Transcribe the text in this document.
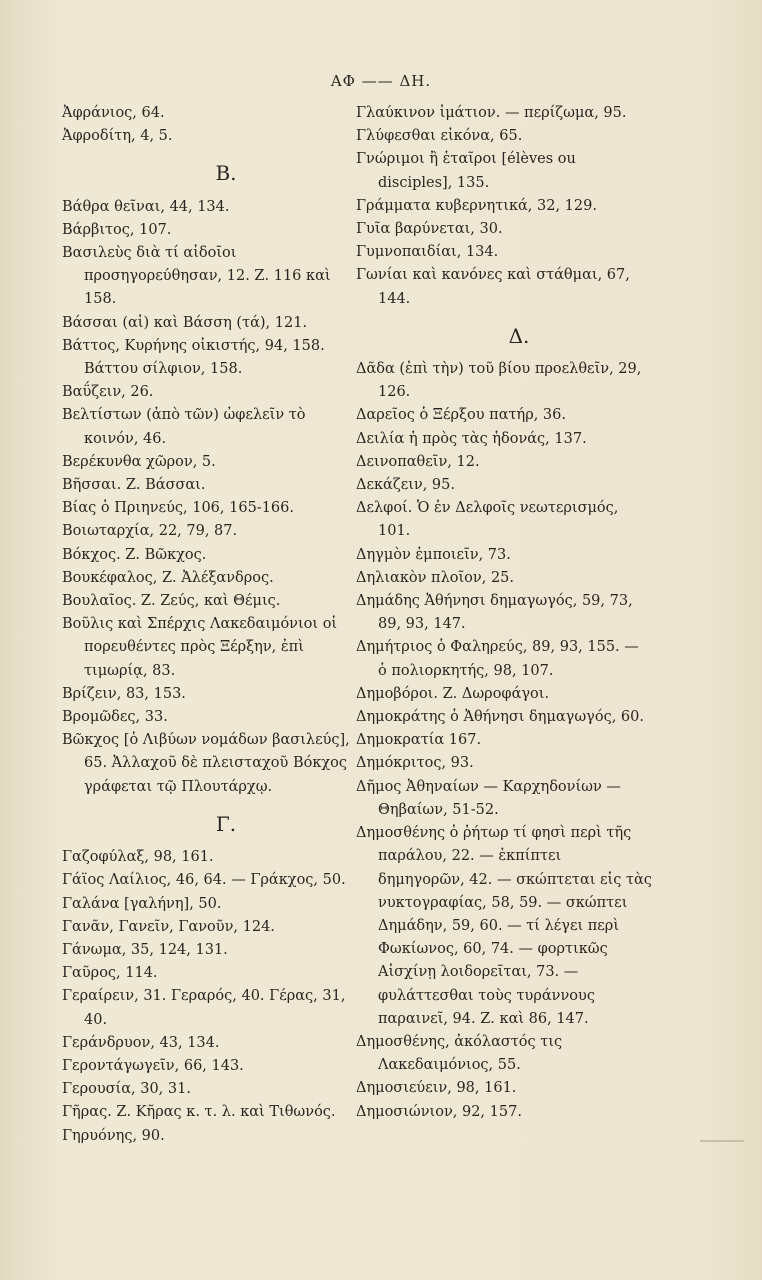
ΑΦ —— ΔΗ.
Ἀφράνιος, 64.
Ἀφροδίτη, 4, 5.
Β.
Βάθρα θεῖναι, 44, 134.
Βάρβιτος, 107.
Βασιλεὺς διὰ τί αἰδοῖοι προσηγορεύθησαν, 12. Ζ. 116 καὶ 158.
Βάσσαι (αἱ) καὶ Βάσση (τά), 121.
Βάττος, Κυρήνης οἰκιστής, 94, 158. Βάττου σίλφιον, 158.
Βαΰζειν, 26.
Βελτίστων (ἀπὸ τῶν) ὠφελεῖν τὸ κοινόν, 46.
Βερέκυνθα χῶρον, 5.
Βῆσσαι. Ζ. Βάσσαι.
Βίας ὁ Πριηνεύς, 106, 165-166.
Βοιωταρχία, 22, 79, 87.
Βόκχος. Ζ. Βῶκχος.
Βουκέφαλος, Ζ. Ἀλέξανδρος.
Βουλαῖος. Ζ. Ζεύς, καὶ Θέμις.
Βοῦλις καὶ Σπέρχις Λακεδαιμόνιοι οἱ πορευθέντες πρὸς Ξέρξην, ἐπὶ τιμωρίᾳ, 83.
Βρίζειν, 83, 153.
Βρομῶδες, 33.
Βῶκχος [ὁ Λιβύων νομάδων βασιλεύς], 65. Ἀλλαχοῦ δὲ πλεισταχοῦ Βόκχος γράφεται τῷ Πλουτάρχῳ.
Γ.
Γαζοφύλαξ, 98, 161.
Γάϊος Λαίλιος, 46, 64. — Γράκχος, 50.
Γαλάνα [γαλήνη], 50.
Γανᾶν, Γανεῖν, Γανοῦν, 124.
Γάνωμα, 35, 124, 131.
Γαῦρος, 114.
Γεραίρειν, 31. Γεραρός, 40. Γέρας, 31, 40.
Γεράνδρυον, 43, 134.
Γεροντάγωγεῖν, 66, 143.
Γερουσία, 30, 31.
Γῆρας. Ζ. Κῆρας κ. τ. λ. καὶ Τιθωνός.
Γηρυόνης, 90.
Γλαύκινον ἱμάτιον. — περίζωμα, 95.
Γλύφεσθαι εἰκόνα, 65.
Γνώριμοι ἢ ἑταῖροι [élèves ou disciples], 135.
Γράμματα κυβερνητικά, 32, 129.
Γυῖα βαρύνεται, 30.
Γυμνοπαιδίαι, 134.
Γωνίαι καὶ κανόνες καὶ στάθμαι, 67, 144.
Δ.
Δᾶδα (ἐπὶ τὴν) τοῦ βίου προελθεῖν, 29, 126.
Δαρεῖος ὁ Ξέρξου πατήρ, 36.
Δειλία ἡ πρὸς τὰς ἡδονάς, 137.
Δεινοπαθεῖν, 12.
Δεκάζειν, 95.
Δελφοί. Ὁ ἐν Δελφοῖς νεωτερισμός, 101.
Δηγμὸν ἐμποιεῖν, 73.
Δηλιακὸν πλοῖον, 25.
Δημάδης Ἀθήνησι δημαγωγός, 59, 73, 89, 93, 147.
Δημήτριος ὁ Φαληρεύς, 89, 93, 155. — ὁ πολιορκητής, 98, 107.
Δημοβόροι. Ζ. Δωροφάγοι.
Δημοκράτης ὁ Ἀθήνησι δημαγωγός, 60.
Δημοκρατία 167.
Δημόκριτος, 93.
Δῆμος Ἀθηναίων — Καρχηδονίων — Θηβαίων, 51-52.
Δημοσθένης ὁ ῥήτωρ τί φησὶ περὶ τῆς παράλου, 22. — ἐκπίπτει δημηγορῶν, 42. — σκώπτεται εἰς τὰς νυκτογραφίας, 58, 59. — σκώπτει Δημάδην, 59, 60. — τί λέγει περὶ Φωκίωνος, 60, 74. — φορτικῶς Αἰσχίνῃ λοιδορεῖται, 73. — φυλάττεσθαι τοὺς τυράννους παραινεῖ, 94. Ζ. καὶ 86, 147.
Δημοσθένης, ἀκόλαστός τις Λακεδαιμόνιος, 55.
Δημοσιεύειν, 98, 161.
Δημοσιώνιον, 92, 157.
